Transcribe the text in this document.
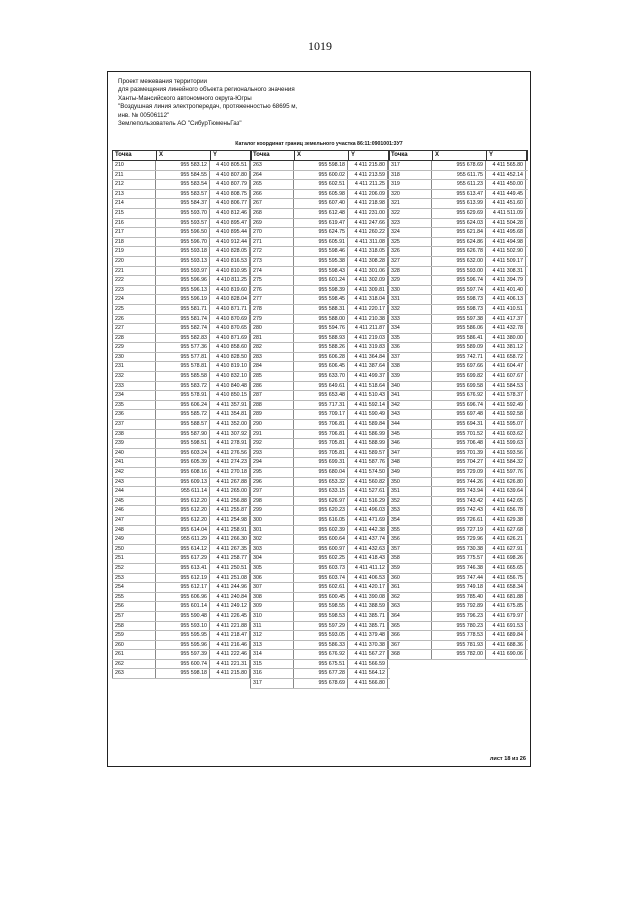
1019
Проект межевания территории
для размещения линейного объекта регионального значения
Ханты-Мансийского автономного округа-Югры
"Воздушная линия электропередач, протяженностью 68695 м,
инв. № 00506112"
Землепользователь АО "СибурТюменьГаз"
Каталог координат границ земельного участка 86:11:0901001:3У7
Точка	X	Y
210	955 583.12	4 410 805.51
211	955 584.55	4 410 807.80
212	955 583.54	4 410 807.79
213	955 583.57	4 410 808.75
214	955 584.37	4 410 806.77
215	955 593.70	4 410 812.46
216	955 593.57	4 410 895.47
217	955 596.50	4 410 895.44
218	955 596.70	4 410 912.44
219	955 593.18	4 410 828.05
220	955 593.13	4 410 816.53
221	955 593.97	4 410 810.95
222	955 596.96	4 410 811.25
223	955 596.13	4 410 819.60
224	955 596.19	4 410 828.04
225	955 581.71	4 410 871.71
226	955 581.74	4 410 870.69
227	955 582.74	4 410 870.65
228	955 582.83	4 410 871.69
229	955 577.36	4 410 858.60
230	955 577.81	4 410 828.50
231	955 578.81	4 410 819.10
232	955 585.58	4 410 832.10
233	955 583.72	4 410 840.48
234	955 578.91	4 410 850.15
235	955 606.24	4 411 357.91
236	955 585.72	4 411 354.81
237	955 588.57	4 411 352.00
238	955 587.90	4 411 307.92
239	955 598.51	4 411 278.91
240	955 603.24	4 411 276.56
241	955 605.39	4 411 274.23
242	955 608.16	4 411 270.18
243	955 609.13	4 411 267.88
244	955 611.14	4 411 265.00
245	955 612.20	4 411 256.88
246	955 612.20	4 411 255.87
247	955 612.20	4 411 254.98
248	955 614.04	4 411 258.91
249	955 611.29	4 411 266.30
250	955 614.12	4 411 267.35
251	955 617.29	4 411 258.77
252	955 613.41	4 411 250.51
253	955 612.19	4 411 251.08
254	955 612.17	4 411 244.96
255	955 606.96	4 411 240.84
256	955 601.14	4 411 249.12
257	955 590.48	4 411 226.45
258	955 593.10	4 411 221.88
259	955 595.95	4 411 218.47
260	955 595.96	4 411 216.46
261	955 597.39	4 411 222.46
262	955 600.74	4 411 221.31
263	955 598.18	4 411 215.80
Точка	X	Y
263	955 598.18	4 411 215.80
264	955 600.02	4 411 213.59
265	955 602.51	4 411 211.25
266	955 605.98	4 411 206.09
267	955 607.40	4 411 218.98
268	955 612.48	4 411 231.00
269	955 619.47	4 411 247.66
270	955 624.75	4 411 260.22
271	955 605.91	4 411 311.08
272	955 598.46	4 411 318.05
273	955 595.38	4 411 308.28
274	955 598.43	4 411 301.06
275	955 601.24	4 411 302.09
276	955 598.39	4 411 309.81
277	955 598.45	4 411 318.04
278	955 588.31	4 411 220.17
279	955 588.00	4 411 210.38
280	955 594.76	4 411 211.87
281	955 588.93	4 411 219.03
282	955 588.26	4 411 319.83
283	955 606.28	4 411 364.84
284	955 606.45	4 411 387.64
285	955 633.70	4 411 499.37
286	955 649.61	4 411 518.64
287	955 653.48	4 411 510.43
288	955 717.31	4 411 592.14
289	955 709.17	4 411 590.49
290	955 706.81	4 411 589.84
291	955 706.81	4 411 586.99
292	955 705.81	4 411 588.99
293	955 705.81	4 411 589.57
294	955 699.31	4 411 587.76
295	955 680.04	4 411 574.50
296	955 653.32	4 411 560.82
297	955 633.15	4 411 527.61
298	955 626.97	4 411 516.29
299	955 620.23	4 411 496.03
300	955 616.05	4 411 471.69
301	955 602.39	4 411 442.38
302	955 600.64	4 411 437.74
303	955 600.97	4 411 432.63
304	955 602.25	4 411 418.43
305	955 603.73	4 411 411.12
306	955 603.74	4 411 406.53
307	955 602.61	4 411 420.17
308	955 600.45	4 411 390.08
309	955 598.55	4 411 388.59
310	955 598.53	4 411 385.71
311	955 597.29	4 411 385.71
312	955 593.05	4 411 379.48
313	955 586.33	4 411 370.38
314	955 676.92	4 411 567.27
315	955 675.51	4 411 566.59
316	955 677.28	4 411 564.12
317	955 678.69	4 411 566.80
Точка	X	Y
317	955 678.69	4 411 565.80
318	955 611.75	4 411 452.14
319	955 611.23	4 411 450.00
320	955 613.47	4 411 449.45
321	955 613.99	4 411 451.60
322	955 629.69	4 411 511.09
323	955 624.03	4 411 504.28
324	955 621.84	4 411 495.68
325	955 624.86	4 411 494.98
326	955 626.78	4 411 502.90
327	955 632.00	4 411 509.17
328	955 593.00	4 411 308.31
329	955 596.74	4 411 394.79
330	955 597.74	4 411 401.40
331	955 598.73	4 411 406.13
332	955 598.73	4 411 410.51
333	955 597.38	4 411 417.37
334	955 586.06	4 411 432.78
335	955 586.41	4 411 380.00
336	955 589.09	4 411 381.12
337	955 742.71	4 411 658.72
338	955 697.66	4 411 604.47
339	955 699.82	4 411 607.67
340	955 699.58	4 411 584.53
341	955 676.92	4 411 578.37
342	955 696.74	4 411 592.49
343	955 697.48	4 411 592.58
344	955 694.31	4 411 595.07
345	955 701.52	4 411 603.62
346	955 706.48	4 411 599.63
347	955 701.39	4 411 593.56
348	955 704.27	4 411 584.32
349	955 729.09	4 411 597.76
350	955 744.26	4 411 626.80
351	955 743.94	4 411 639.64
352	955 743.42	4 411 642.65
353	955 742.43	4 411 656.78
354	955 726.61	4 411 629.38
355	955 727.19	4 411 627.68
356	955 729.96	4 411 626.21
357	955 730.38	4 411 627.91
358	955 775.57	4 411 698.26
359	955 746.38	4 411 665.65
360	955 747.44	4 411 656.75
361	955 749.18	4 411 658.34
362	955 785.40	4 411 681.88
363	955 792.89	4 411 675.85
364	955 796.23	4 411 679.97
365	955 780.23	4 411 691.53
366	955 778.53	4 411 689.84
367	955 781.93	4 411 688.36
368	955 782.00	4 411 690.06
лист 18 из 26
